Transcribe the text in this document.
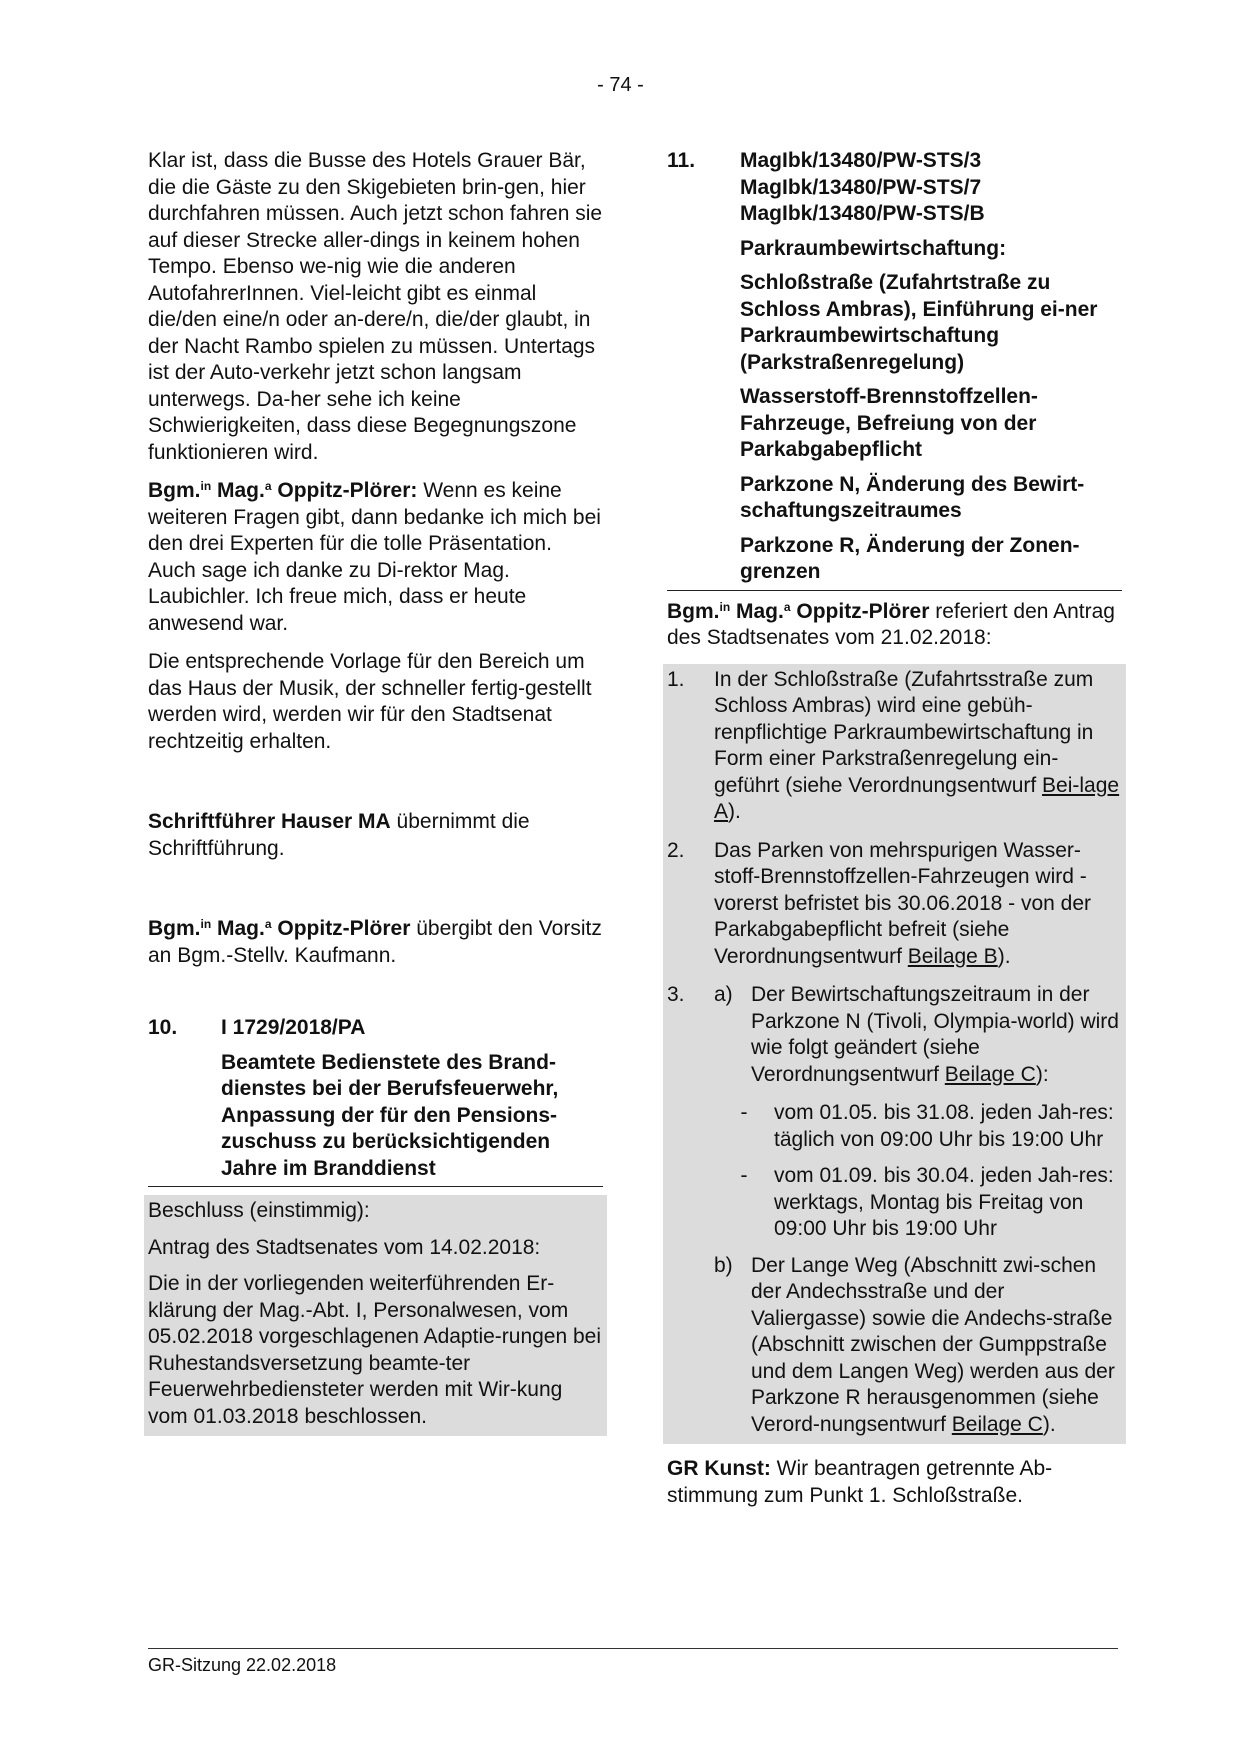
- 74 -

Klar ist, dass die Busse des Hotels Grauer Bär, die die Gäste zu den Skigebieten brin-gen, hier durchfahren müssen. Auch jetzt schon fahren sie auf dieser Strecke aller-dings in keinem hohen Tempo. Ebenso we-nig wie die anderen AutofahrerInnen. Viel-leicht gibt es einmal die/den eine/n oder an-dere/n, die/der glaubt, in der Nacht Rambo spielen zu müssen. Untertags ist der Auto-verkehr jetzt schon langsam unterwegs. Da-her sehe ich keine Schwierigkeiten, dass diese Begegnungszone funktionieren wird.

Bgm.$^{in}$ Mag.$^a$ Oppitz-Plörer: Wenn es keine weiteren Fragen gibt, dann bedanke ich mich bei den drei Experten für die tolle Präsentation. Auch sage ich danke zu Di-rektor Mag. Laubichler. Ich freue mich, dass er heute anwesend war.

Die entsprechende Vorlage für den Bereich um das Haus der Musik, der schneller fertig-gestellt werden wird, werden wir für den Stadtsenat rechtzeitig erhalten.

Schriftführer Hauser MA übernimmt die Schriftführung.

Bgm.$^{in}$ Mag.$^a$ Oppitz-Plörer übergibt den Vorsitz an Bgm.-Stellv. Kaufmann.

10.	I 1729/2018/PA
Beamtete Bedienstete des Brand-dienstes bei der Berufsfeuerwehr, Anpassung der für den Pensions-zuschuss zu berücksichtigenden Jahre im Branddienst

Beschluss (einstimmig):

Antrag des Stadtsenates vom 14.02.2018:

Die in der vorliegenden weiterführenden Er-klärung der Mag.-Abt. I, Personalwesen, vom 05.02.2018 vorgeschlagenen Adaptie-rungen bei Ruhestandsversetzung beamte-ter Feuerwehrbediensteter werden mit Wir-kung vom 01.03.2018 beschlossen.

11.	MagIbk/13480/PW-STS/3
MagIbk/13480/PW-STS/7
MagIbk/13480/PW-STS/B
Parkraumbewirtschaftung:
Schloßstraße (Zufahrtstraße zu Schloss Ambras), Einführung ei-ner Parkraumbewirtschaftung (Parkstraßenregelung)
Wasserstoff-Brennstoffzellen-Fahrzeuge, Befreiung von der Parkabgabepflicht
Parkzone N, Änderung des Bewirt-schaftungszeitraumes
Parkzone R, Änderung der Zonen-grenzen

Bgm.$^{in}$ Mag.$^a$ Oppitz-Plörer referiert den Antrag des Stadtsenates vom 21.02.2018:

1.	In der Schloßstraße (Zufahrtsstraße zum Schloss Ambras) wird eine gebüh-renpflichtige Parkraumbewirtschaftung in Form einer Parkstraßenregelung ein-geführt (siehe Verordnungsentwurf Bei-lage A).
2.	Das Parken von mehrspurigen Wasser-stoff-Brennstoffzellen-Fahrzeugen wird - vorerst befristet bis 30.06.2018 - von der Parkabgabepflicht befreit (siehe Verordnungsentwurf Beilage B).
3.	a) Der Bewirtschaftungszeitraum in der Parkzone N (Tivoli, Olympia-world) wird wie folgt geändert (siehe Verordnungsentwurf Beilage C):
-	vom 01.05. bis 31.08. jeden Jah-res: täglich von 09:00 Uhr bis 19:00 Uhr
-	vom 01.09. bis 30.04. jeden Jah-res: werktags, Montag bis Freitag von 09:00 Uhr bis 19:00 Uhr
b) Der Lange Weg (Abschnitt zwi-schen der Andechsstraße und der Valiergasse) sowie die Andechs-straße (Abschnitt zwischen der Gumppstraße und dem Langen Weg) werden aus der Parkzone R herausgenommen (siehe Verord-nungsentwurf Beilage C).

GR Kunst: Wir beantragen getrennte Ab-stimmung zum Punkt 1. Schloßstraße.

GR-Sitzung 22.02.2018
